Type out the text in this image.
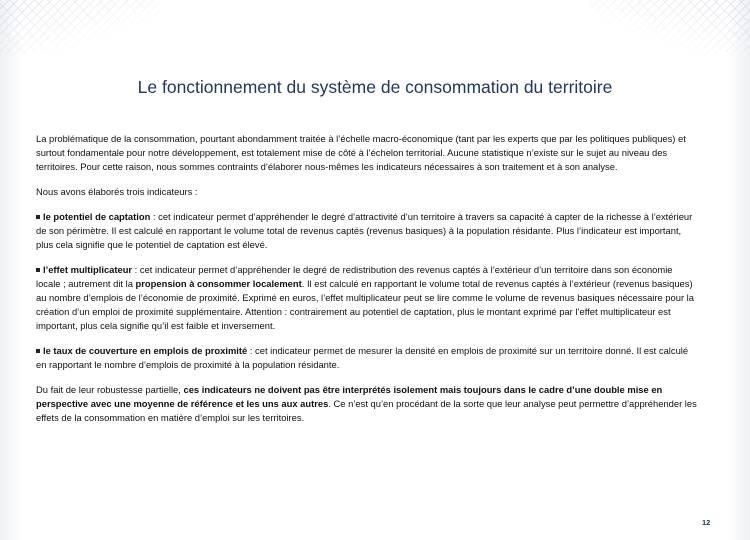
Le fonctionnement du système de consommation du territoire

La problématique de la consommation, pourtant abondamment traitée à l’échelle macro-économique (tant par les experts que par les politiques publiques) et surtout fondamentale pour notre développement, est totalement mise de côté à l’échelon territorial. Aucune statistique n’existe sur le sujet au niveau des territoires. Pour cette raison, nous sommes contraints d’élaborer nous-mêmes les indicateurs nécessaires à son traitement et à son analyse.

Nous avons élaborés trois indicateurs :

le potentiel de captation : cet indicateur permet d’appréhender le degré d’attractivité d’un territoire à travers sa capacité à capter de la richesse à l’extérieur de son périmètre. Il est calculé en rapportant le volume total de revenus captés (revenus basiques) à la population résidante. Plus l’indicateur est important, plus cela signifie que le potentiel de captation est élevé.

l’effet multiplicateur : cet indicateur permet d’appréhender le degré de redistribution des revenus captés à l’extérieur d’un territoire dans son économie locale ; autrement dit la propension à consommer localement. Il est calculé en rapportant le volume total de revenus captés à l’extérieur (revenus basiques) au nombre d’emplois de l’économie de proximité. Exprimé en euros, l’effet multiplicateur peut se lire comme le volume de revenus basiques nécessaire pour la création d’un emploi de proximité supplémentaire. Attention : contrairement au potentiel de captation, plus le montant exprimé par l’effet multiplicateur est important, plus cela signifie qu’il est faible et inversement.

le taux de couverture en emplois de proximité : cet indicateur permet de mesurer la densité en emplois de proximité sur un territoire donné. Il est calculé en rapportant le nombre d’emplois de proximité à la population résidante.

Du fait de leur robustesse partielle, ces indicateurs ne doivent pas être interprétés isolement mais toujours dans le cadre d’une double mise en perspective avec une moyenne de référence et les uns aux autres. Ce n’est qu’en procédant de la sorte que leur analyse peut permettre d’appréhender les effets de la consommation en matière d’emploi sur les territoires.

12
